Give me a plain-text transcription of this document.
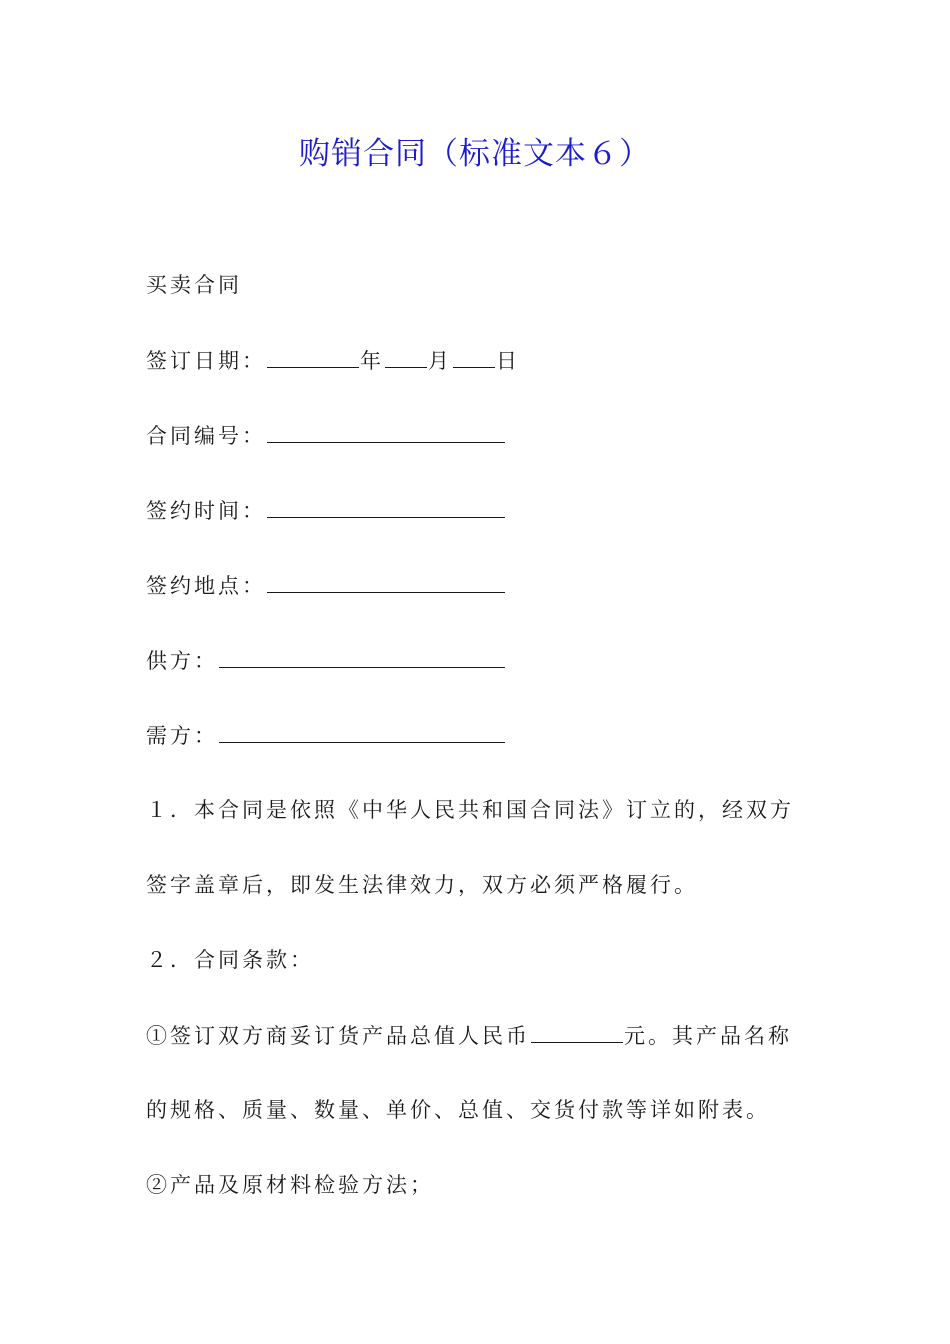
购销合同（标准文本６）
买卖合同
签订日期：	年 月 日
合同编号：
签约时间：
签约地点：
供方：
需方：
１．本合同是依照《中华人民共和国合同法》订立的，经双方
签字盖章后，即发生法律效力，双方必须严格履行。
２．合同条款：
①签订双方商妥订货产品总值人民币	元。其产品名称
的规格、质量、数量、单价、总值、交货付款等详如附表。
②产品及原材料检验方法；
